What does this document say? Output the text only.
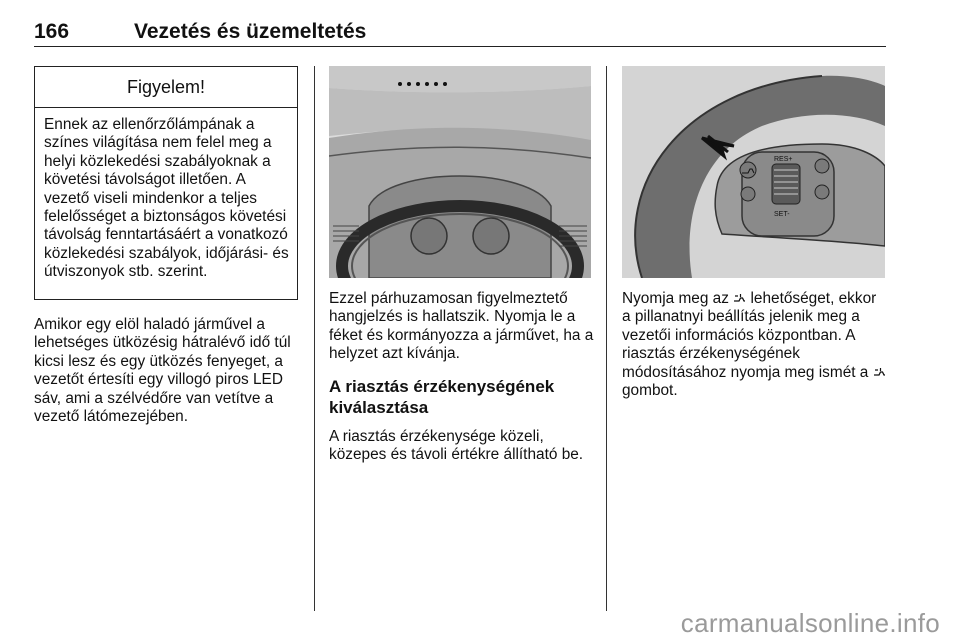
166	Vezetés és üzemeltetés
Figyelem!
Ennek az ellenőrzőlámpának a színes világítása nem felel meg a helyi közlekedési szabályoknak a követési távolságot illetően. A vezető viseli mindenkor a teljes felelősséget a biztonságos követési távolság fenntartásáért a vonatkozó közlekedési szabályok, időjárási- és útviszonyok stb. szerint.

Amikor egy elöl haladó járművel a lehetséges ütközésig hátralévő idő túl kicsi lesz és egy ütközés fenyeget, a vezetőt értesíti egy villogó piros LED sáv, ami a szélvédőre van vetítve a vezető látómezejében.

Ezzel párhuzamosan figyelmeztető hangjelzés is hallatszik. Nyomja le a féket és kormányozza a járművet, ha a helyzet azt kívánja.

A riasztás érzékenységének kiválasztása

A riasztás érzékenysége közeli, közepes és távoli értékre állítható be.

RES+
SET-

Nyomja meg az  lehetőséget, ekkor a pillanatnyi beállítás jelenik meg a vezetői információs központban. A riasztás érzékenységének módosításához nyomja meg ismét a  gombot.

carmanualsonline.info
